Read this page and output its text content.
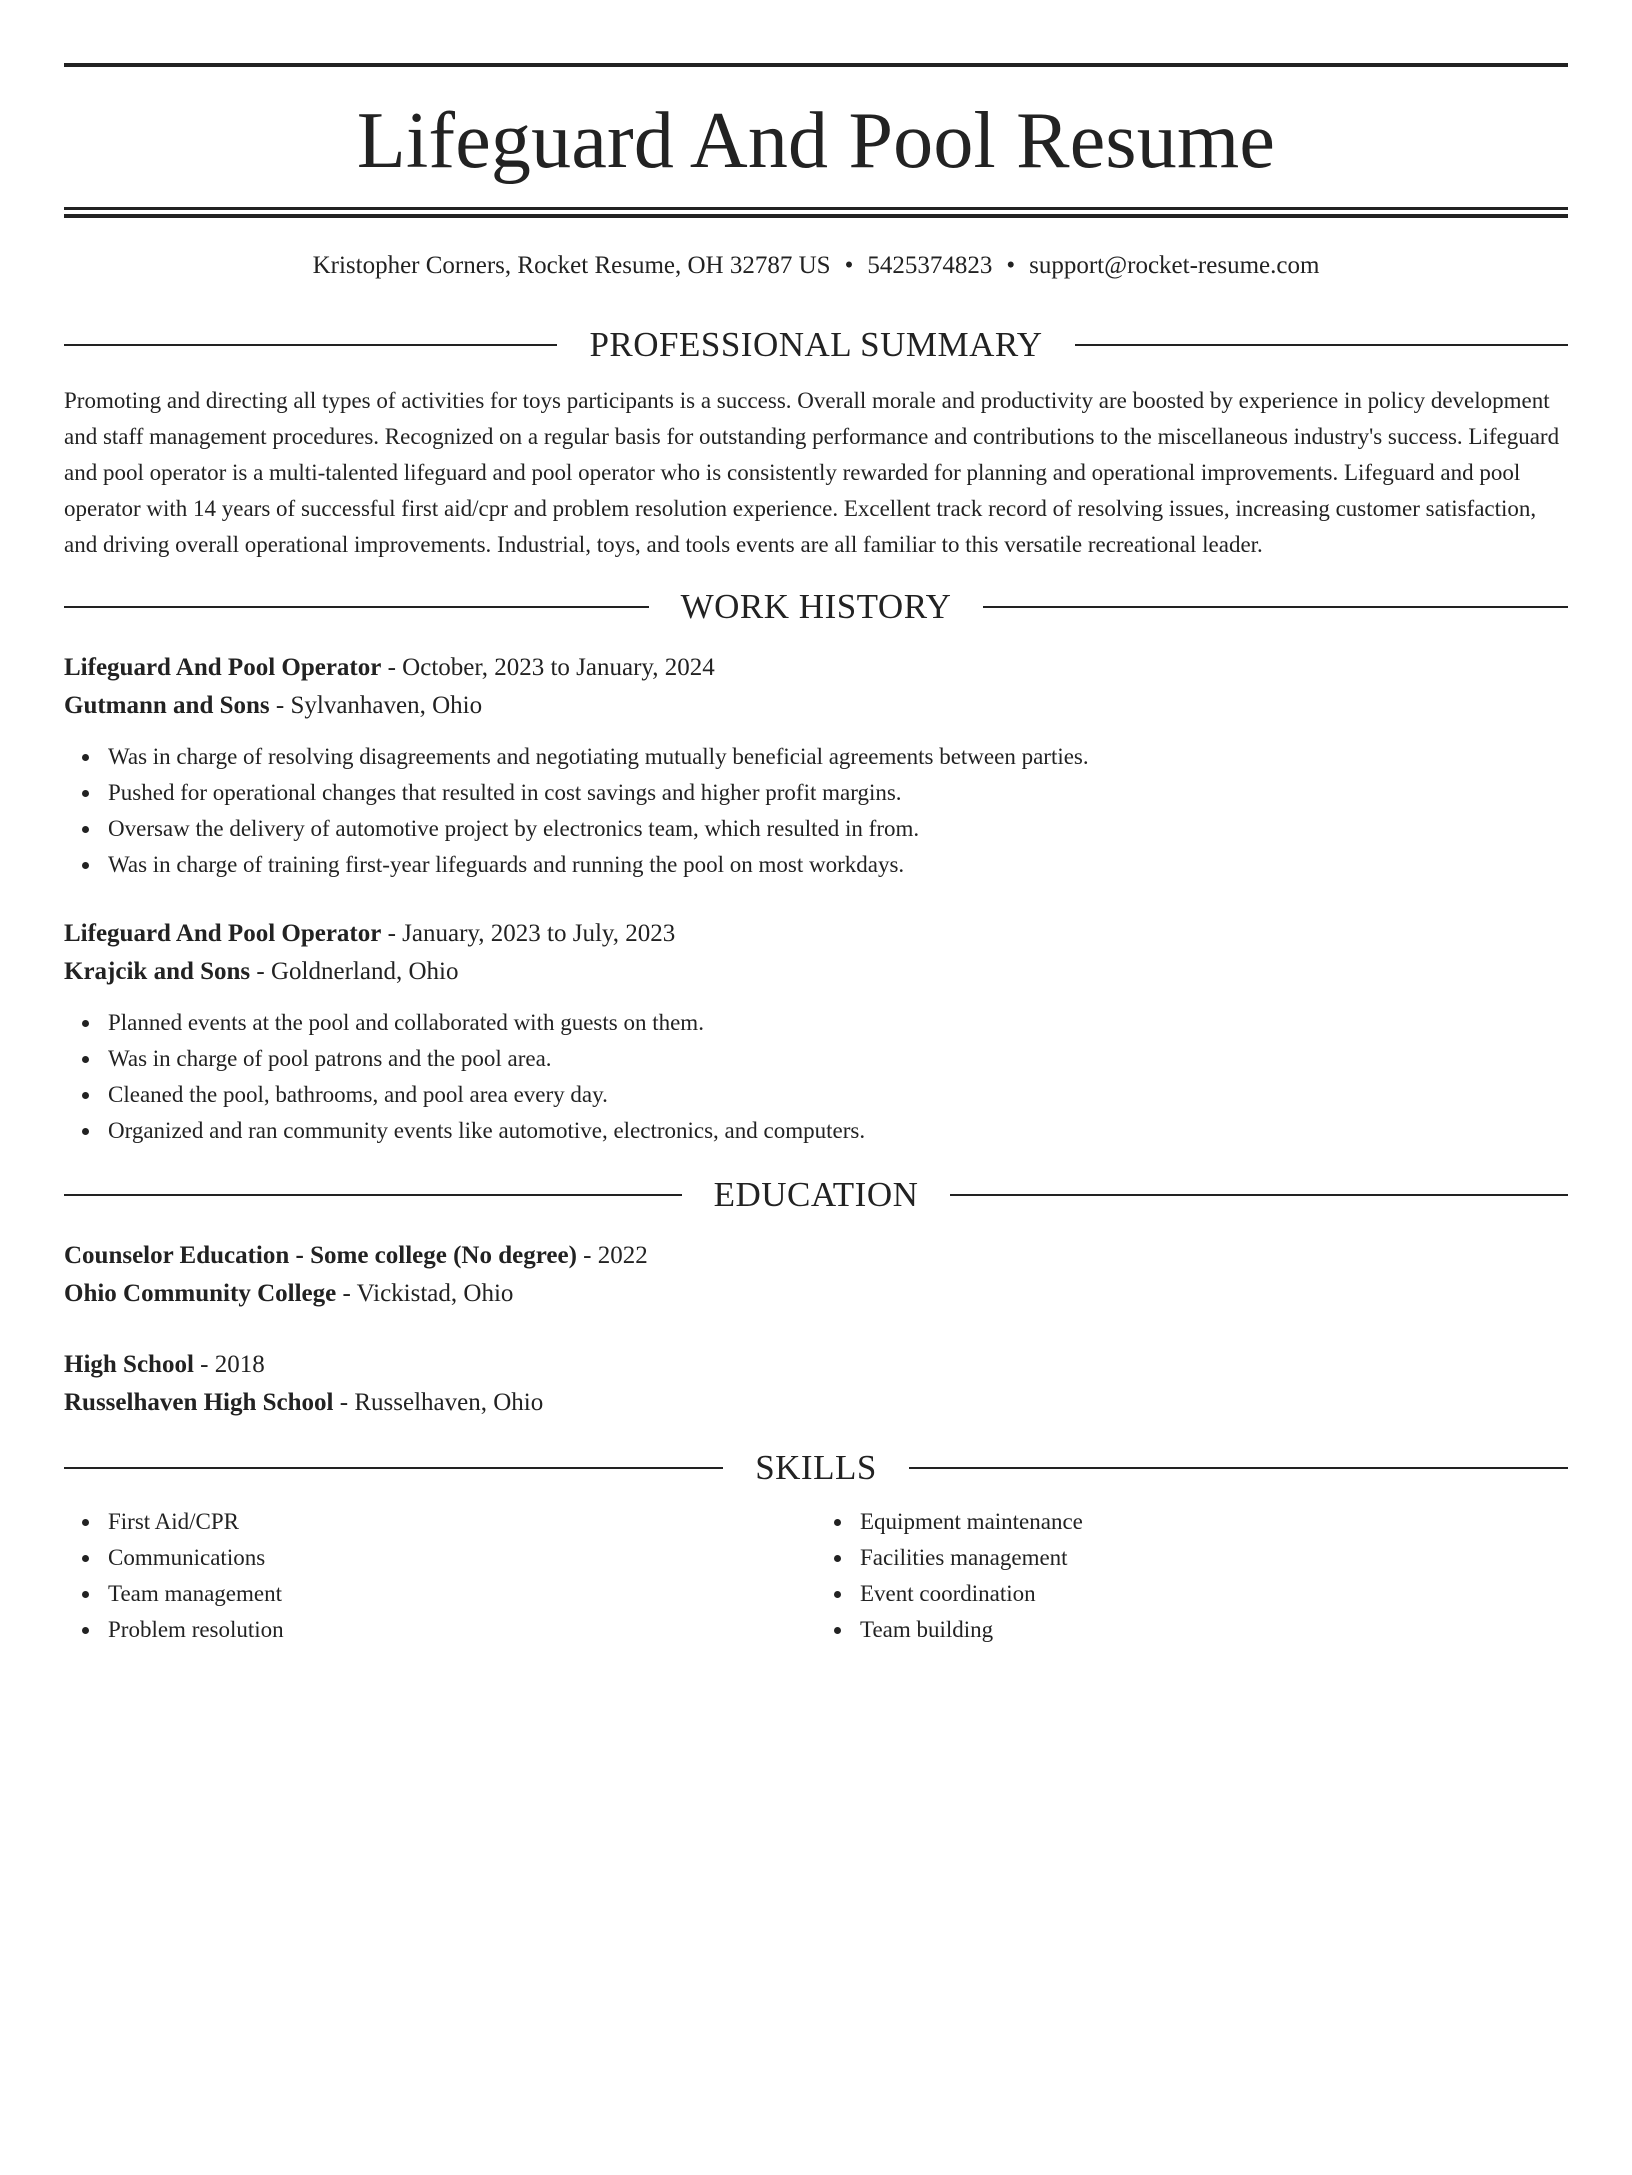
Lifeguard And Pool Resume
Kristopher Corners, Rocket Resume, OH 32787 US • 5425374823 • support@rocket-resume.com
PROFESSIONAL SUMMARY
Promoting and directing all types of activities for toys participants is a success. Overall morale and productivity are boosted by experience in policy development and staff management procedures. Recognized on a regular basis for outstanding performance and contributions to the miscellaneous industry's success. Lifeguard and pool operator is a multi-talented lifeguard and pool operator who is consistently rewarded for planning and operational improvements. Lifeguard and pool operator with 14 years of successful first aid/cpr and problem resolution experience. Excellent track record of resolving issues, increasing customer satisfaction, and driving overall operational improvements. Industrial, toys, and tools events are all familiar to this versatile recreational leader.
WORK HISTORY
Lifeguard And Pool Operator - October, 2023 to January, 2024
Gutmann and Sons - Sylvanhaven, Ohio
Was in charge of resolving disagreements and negotiating mutually beneficial agreements between parties.
Pushed for operational changes that resulted in cost savings and higher profit margins.
Oversaw the delivery of automotive project by electronics team, which resulted in from.
Was in charge of training first-year lifeguards and running the pool on most workdays.
Lifeguard And Pool Operator - January, 2023 to July, 2023
Krajcik and Sons - Goldnerland, Ohio
Planned events at the pool and collaborated with guests on them.
Was in charge of pool patrons and the pool area.
Cleaned the pool, bathrooms, and pool area every day.
Organized and ran community events like automotive, electronics, and computers.
EDUCATION
Counselor Education - Some college (No degree) - 2022
Ohio Community College - Vickistad, Ohio
High School - 2018
Russelhaven High School - Russelhaven, Ohio
SKILLS
First Aid/CPR
Communications
Team management
Problem resolution
Equipment maintenance
Facilities management
Event coordination
Team building
